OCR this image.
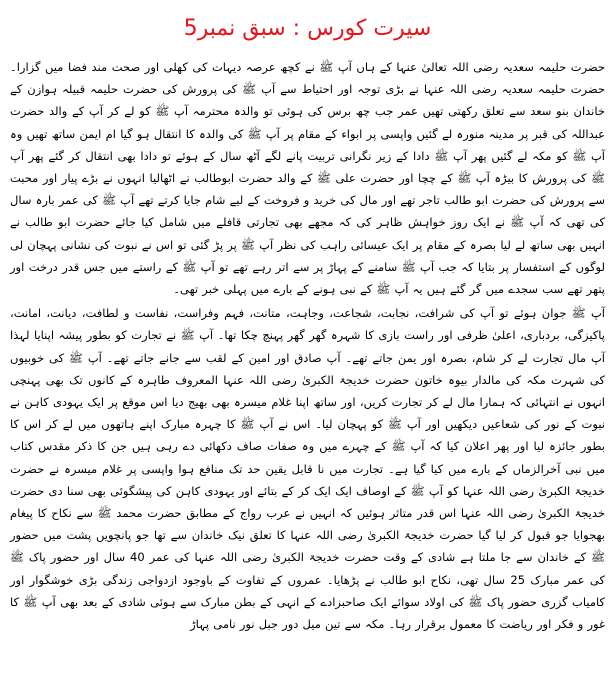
سیرت کورس : سبق نمبر5

حضرت حلیمہ سعدیہ رضی اللہ تعالیٰ عنہا کے ہاں آپ ﷺ نے کچھ عرصہ دیہات کی کھلی اور صحت مند فضا میں گزارا۔ حضرت حلیمہ سعدیہ رضی اللہ عنہا نے بڑی توجہ اور احتیاط سے آپ ﷺ کی پرورش کی حضرت حلیمہ قبیلہ ہوازن کے خاندان بنو سعد سے تعلق رکھتی تھیں عمر جب چھ برس کی ہوئی تو والدہ محترمہ آپ ﷺ کو لے کر آپ کے والد حضرت عبداللہ کی قبر پر مدینہ منورہ لے گئیں واپسی پر ابواء کے مقام پر آپ ﷺ کی والدہ کا انتقال ہو گیا ام ایمن ساتھ تھیں وہ آپ ﷺ کو مکہ لے گئیں پھر آپ ﷺ دادا کے زیر نگرانی تربیت پانے لگے آٹھ سال کے ہوئے تو دادا بھی انتقال کر گئے پھر آپ ﷺ کی پرورش کا بیڑہ آپ ﷺ کے چچا اور حضرت علی ﷺ کے والد حضرت ابوطالب نے اٹھالیا انہوں نے بڑے پیار اور محبت سے پرورش کی حضرت ابو طالب تاجر تھے اور مال کی خرید و فروخت کے لیے شام جایا کرتے تھے آپ ﷺ کی عمر بارہ سال کی تھی کہ آپ ﷺ نے ایک روز خواہش ظاہر کی کہ مجھے بھی تجارتی قافلے میں شامل کیا جائے حضرت ابو طالب نے انہیں بھی ساتھ لے لیا بصرہ کے مقام پر ایک عیسائی راہب کی نظر آپ ﷺ پر پڑ گئی تو اس نے نبوت کی نشانی پہچان لی لوگوں کے استفسار پر بتایا کہ جب آپ ﷺ سامنے کے پہاڑ پر سے اتر رہے تھے تو آپ ﷺ کے راستے میں جس قدر درخت اور پتھر تھے سب سجدے میں گر گئے ہیں یہ آپ ﷺ کے نبی ہونے کے بارے میں پہلی خبر تھی۔

آپ ﷺ جوان ہوئے تو آپ کی شرافت، نجابت، شجاعت، وجاہت، متانت، فہم وفراست، نفاست و لطافت، دیانت، امانت، پاکیزگی، بردباری، اعلیٰ ظرفی اور راست بازی کا شہرہ گھر گھر پہنچ چکا تھا۔ آپ ﷺ نے تجارت کو بطور پیشہ اپنایا لہذا آپ مال تجارت لے کر شام، بصرہ اور یمن جاتے تھے۔ آپ صادق اور امین کے لقب سے جانے جاتے تھے۔ آپ ﷺ کی خوبیوں کی شہرت مکہ کی مالدار بیوہ خاتون حضرت خدیجۃ الکبریٰ رضی اللہ عنہا المعروف طاہرہ کے کانوں تک بھی پہنچی انہوں نے انتہائی کہ ہمارا مال لے کر تجارت کریں، اور ساتھ اپنا غلام میسرہ بھی بھیج دیا اس موقع پر ایک یہودی کاہن نے نبوت کے نور کی شعاعیں دیکھیں اور آپ ﷺ کو پہچان لیا۔ اس نے آپ ﷺ کا چہرہ مبارک اپنے ہاتھوں میں لے کر اس کا بطور جائزہ لیا اور پھر اعلان کیا کہ آپ ﷺ کے چہرے میں وہ صفات صاف دکھائی دے رہی ہیں جن کا ذکر مقدس کتاب میں نبی آخرالزماں کے بارے میں کیا گیا ہے۔ تجارت میں نا قابل یقین حد تک منافع ہوا واپسی پر غلام میسرہ نے حضرت خدیجۃ الکبریٰ رضی اللہ عنہا کو آپ ﷺ کے اوصاف ایک ایک کر کے بتائے اور یہودی کاہن کی پیشگوئی بھی سنا دی حضرت خدیجۃ الکبریٰ رضی اللہ عنہا اس قدر متاثر ہوئیں کہ انہیں نے عرب رواج کے مطابق حضرت محمد ﷺ سے نکاح کا پیغام بھجوایا جو قبول کر لیا گیا حضرت خدیجۃ الکبریٰ رضی اللہ عنہا کا تعلق نیک خاندان سے تھا جو پانچویں پشت میں حضور ﷺ کے خاندان سے جا ملتا ہے شادی کے وقت حضرت خدیجۃ الکبریٰ رضی اللہ عنہا کی عمر 40 سال اور حضور پاک ﷺ کی عمر مبارک 25 سال تھی، نکاح ابو طالب نے پڑھایا۔ عمروں کے تفاوت کے باوجود ازدواجی زندگی بڑی خوشگوار اور کامیاب گزری حضور پاک ﷺ کی اولاد سوائے ایک صاحبزادے کے انہی کے بطن مبارک سے ہوئی شادی کے بعد بھی آپ ﷺ کا غور و فکر اور ریاضت کا معمول برقرار رہا۔ مکہ سے تین میل دور جبل نور نامی پہاڑ
